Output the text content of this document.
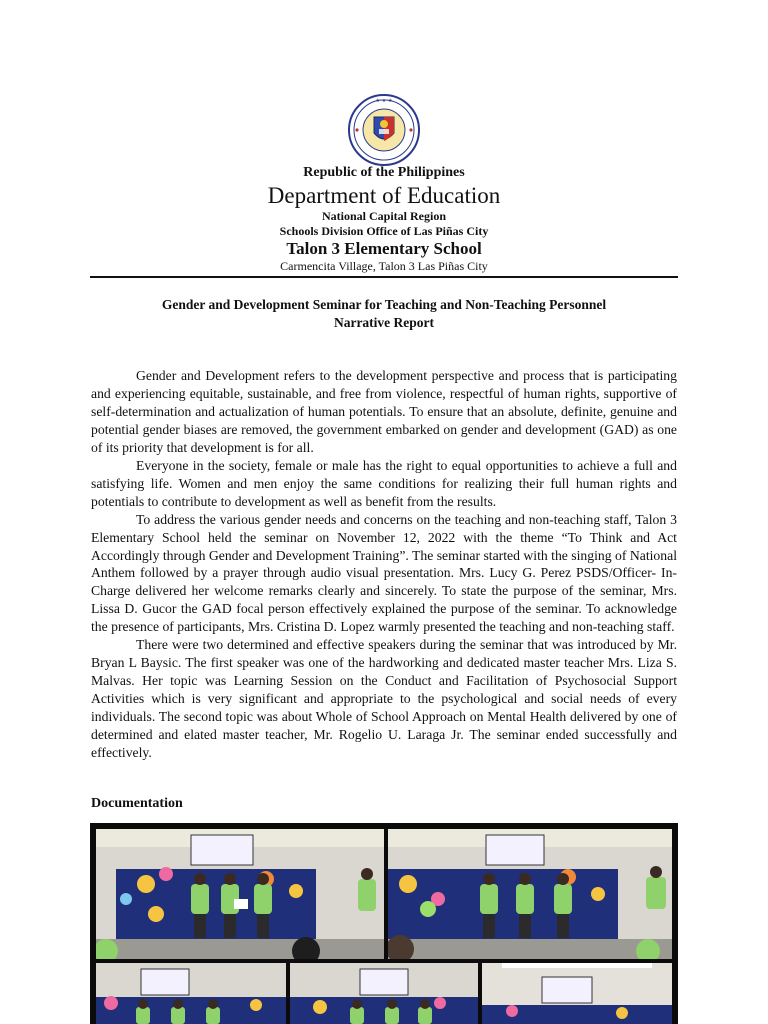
★ ★ ★
Republic of the Philippines
Department of Education
National Capital Region
Schools Division Office of Las Piñas City
Talon 3 Elementary School
Carmencita Village, Talon 3 Las Piñas City
Gender and Development Seminar for Teaching and Non-Teaching Personnel
Narrative Report

Gender and Development refers to the development perspective and process that is participating and experiencing equitable, sustainable, and free from violence, respectful of human rights, supportive of self-determination and actualization of human potentials. To ensure that an absolute, definite, genuine and potential gender biases are removed, the government embarked on gender and development (GAD) as one of its priority that development is for all.

Everyone in the society, female or male has the right to equal opportunities to achieve a full and satisfying life. Women and men enjoy the same conditions for realizing their full human rights and potentials to contribute to development as well as benefit from the results.

To address the various gender needs and concerns on the teaching and non-teaching staff, Talon 3 Elementary School held the seminar on November 12, 2022 with the theme “To Think and Act Accordingly through Gender and Development Training”. The seminar started with the singing of National Anthem followed by a prayer through audio visual presentation. Mrs. Lucy G. Perez PSDS/Officer- In-Charge delivered her welcome remarks clearly and sincerely. To state the purpose of the seminar, Mrs. Lissa D. Gucor the GAD focal person effectively explained the purpose of the seminar. To acknowledge the presence of participants, Mrs. Cristina D. Lopez warmly presented the teaching and non-teaching staff.

There were two determined and effective speakers during the seminar that was introduced by Mr. Bryan L Baysic. The first speaker was one of the hardworking and dedicated master teacher Mrs. Liza S. Malvas. Her topic was Learning Session on the Conduct and Facilitation of Psychosocial Support Activities which is very significant and appropriate to the psychological and social needs of every individuals. The second topic was about Whole of School Approach on Mental Health delivered by one of determined and elated master teacher, Mr. Rogelio U. Laraga Jr. The seminar ended successfully and effectively.

Documentation
